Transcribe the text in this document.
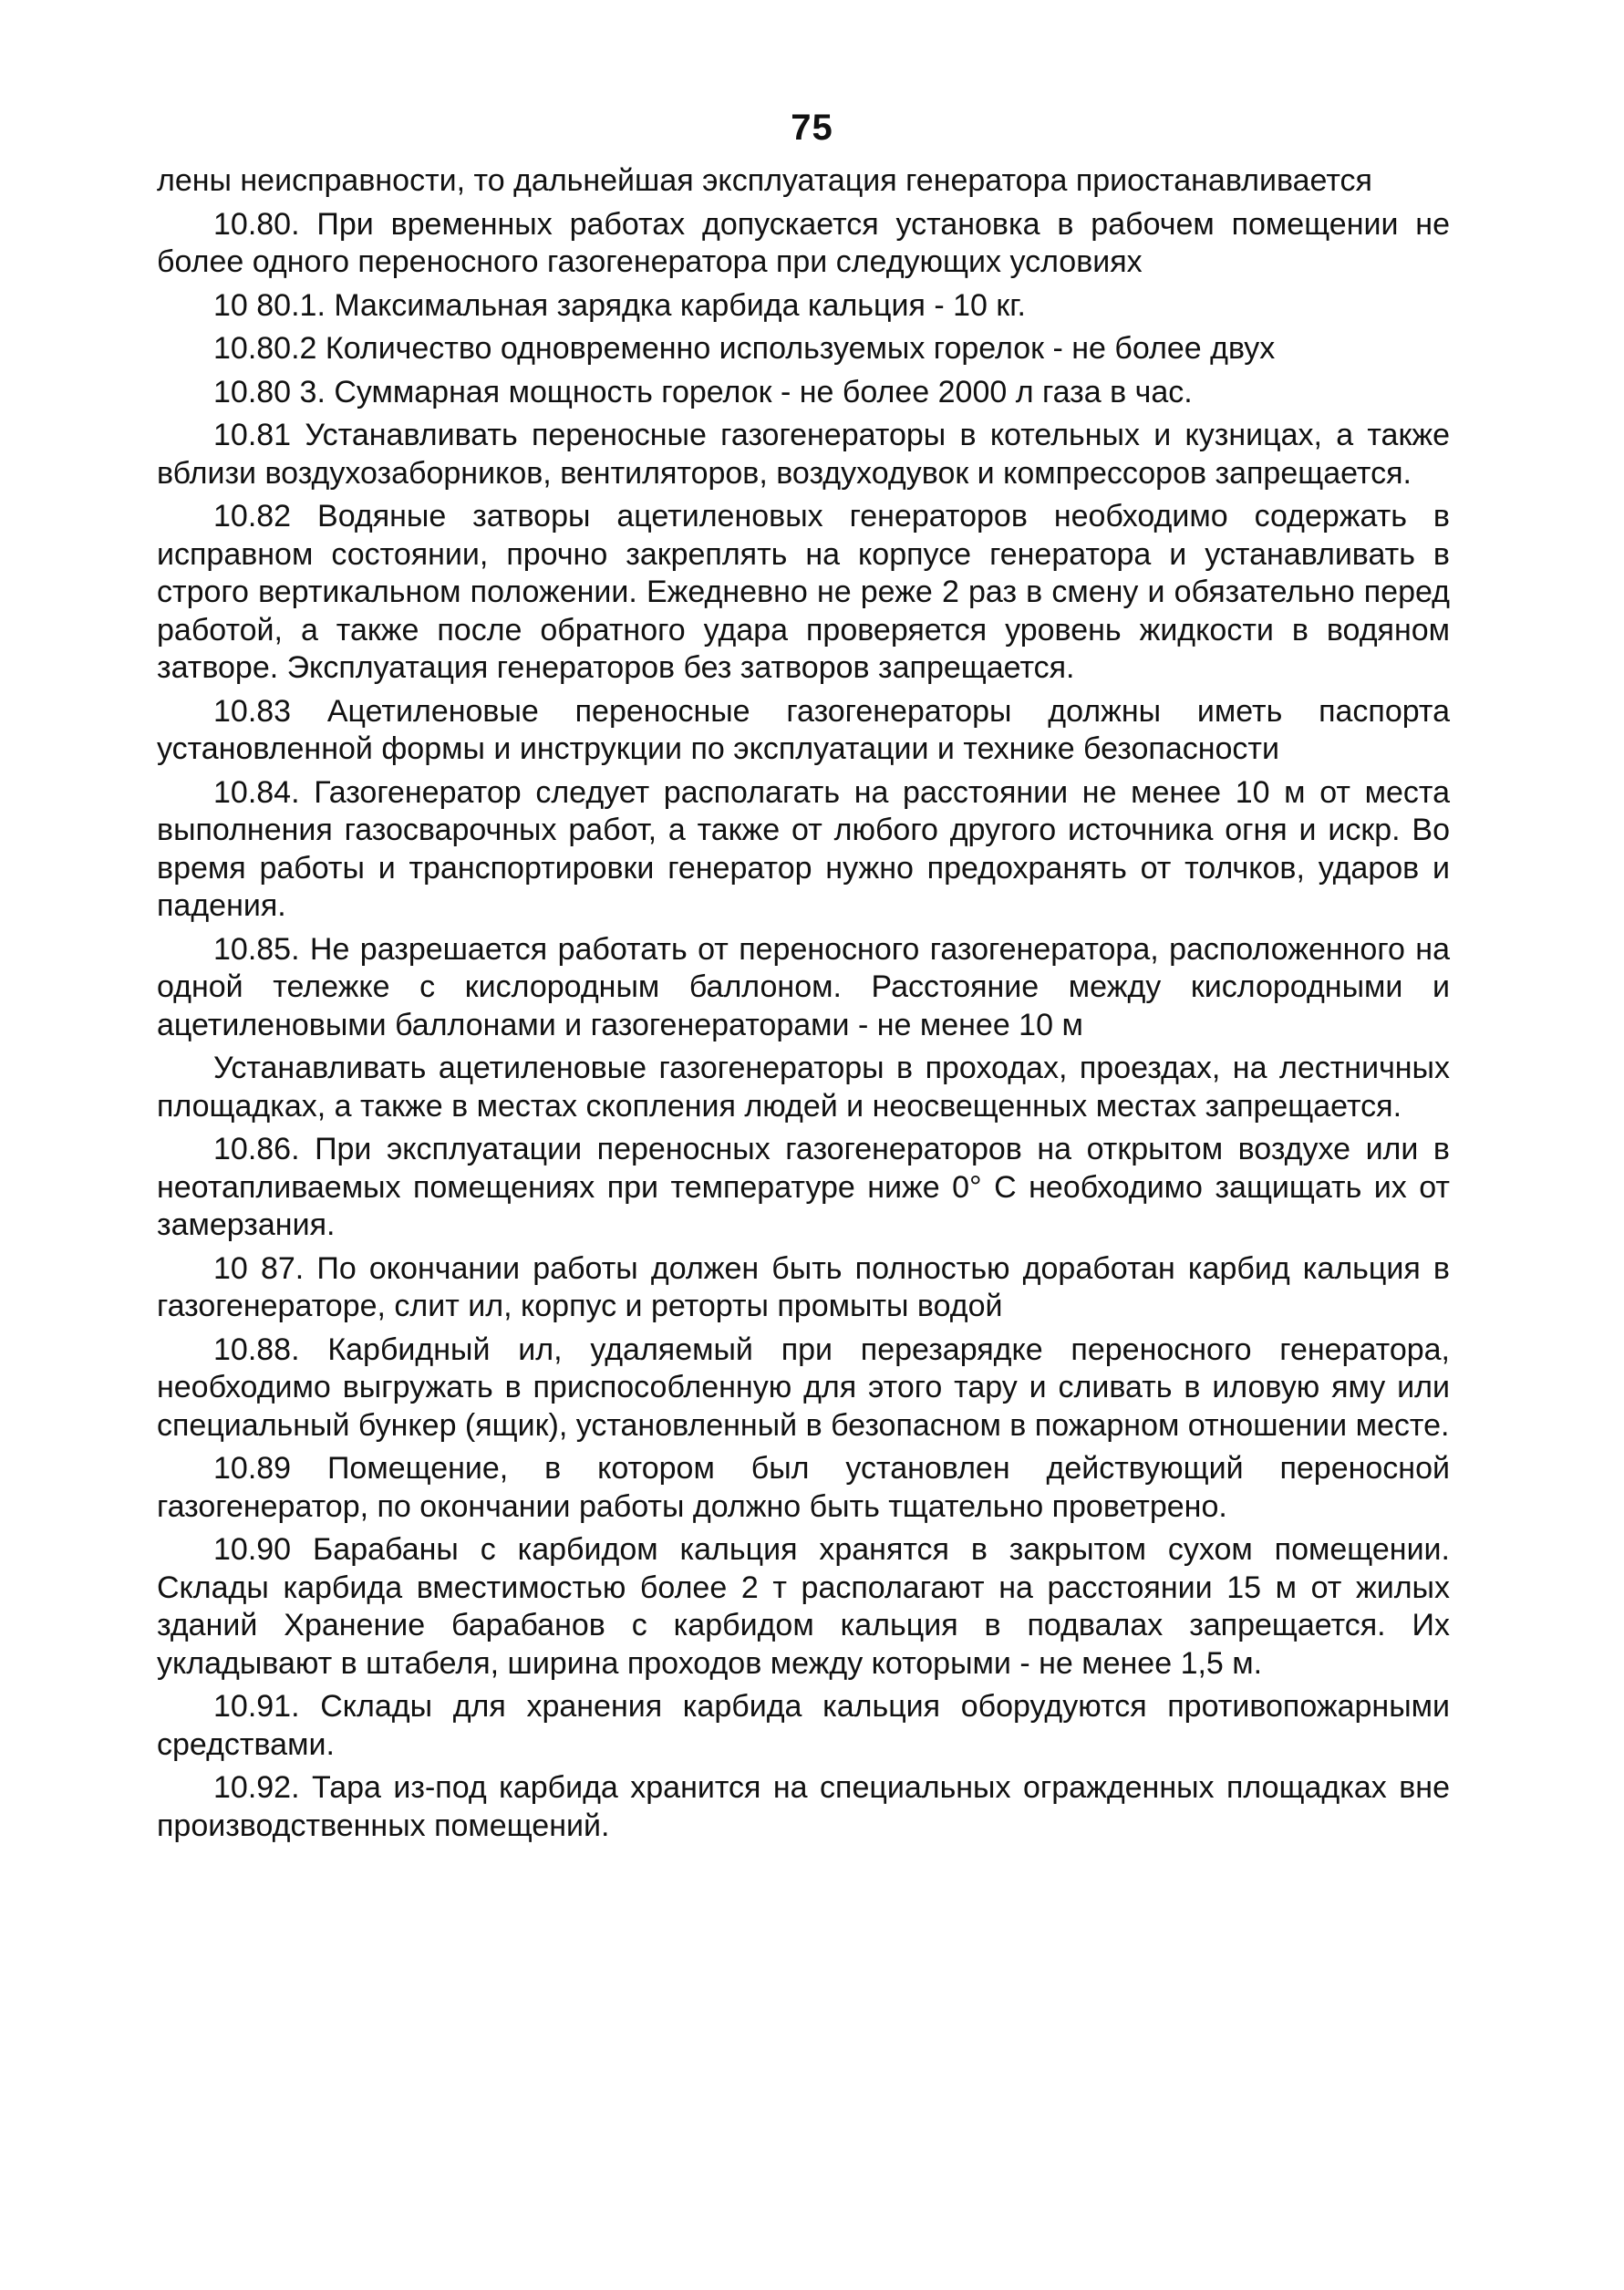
75

лены неисправности, то дальнейшая эксплуатация генератора приостанавливается

10.80. При временных работах допускается установка в рабочем помещении не более одного переносного газогенератора при следующих условиях

10 80.1. Максимальная зарядка карбида кальция - 10 кг.

10.80.2 Количество одновременно используемых горелок - не более двух

10.80 3. Суммарная мощность горелок - не более 2000 л газа в час.

10.81 Устанавливать переносные газогенераторы в котельных и кузницах, а также вблизи воздухозаборников, вентиляторов, воздуходувок и компрессоров запрещается.

10.82 Водяные затворы ацетиленовых генераторов необходимо содержать в исправном состоянии, прочно закреплять на корпусе генератора и устанавливать в строго вертикальном положении. Ежедневно не реже 2 раз в смену и обязательно перед работой, а также после обратного удара проверяется уровень жидкости в водяном затворе. Эксплуатация генераторов без затворов запрещается.

10.83 Ацетиленовые переносные газогенераторы должны иметь паспорта установленной формы и инструкции по эксплуатации и технике безопасности

10.84. Газогенератор следует располагать на расстоянии не менее 10 м от места выполнения газосварочных работ, а также от любого другого источника огня и искр. Во время работы и транспортировки генератор нужно предохранять от толчков, ударов и падения.

10.85. Не разрешается работать от переносного газогенератора, расположенного на одной тележке с кислородным баллоном. Расстояние между кислородными и ацетиленовыми баллонами и газогенераторами - не менее 10 м

Устанавливать ацетиленовые газогенераторы в проходах, проездах, на лестничных площадках, а также в местах скопления людей и неосвещенных местах запрещается.

10.86. При эксплуатации переносных газогенераторов на открытом воздухе или в неотапливаемых помещениях при температуре ниже 0° С необходимо защищать их от замерзания.

10 87. По окончании работы должен быть полностью доработан карбид кальция в газогенераторе, слит ил, корпус и реторты промыты водой

10.88. Карбидный ил, удаляемый при перезарядке переносного генератора, необходимо выгружать в приспособленную для этого тару и сливать в иловую яму или специальный бункер (ящик), установленный в безопасном в пожарном отношении месте.

10.89 Помещение, в котором был установлен действующий переносной газогенератор, по окончании работы должно быть тщательно проветрено.

10.90 Барабаны с карбидом кальция хранятся в закрытом сухом помещении. Склады карбида вместимостью более 2 т располагают на расстоянии 15 м от жилых зданий Хранение барабанов с карбидом кальция в подвалах запрещается. Их укладывают в штабеля, ширина проходов между которыми - не менее 1,5 м.

10.91. Склады для хранения карбида кальция оборудуются противопожарными средствами.

10.92. Тара из-под карбида хранится на специальных огражденных площадках вне производственных помещений.
